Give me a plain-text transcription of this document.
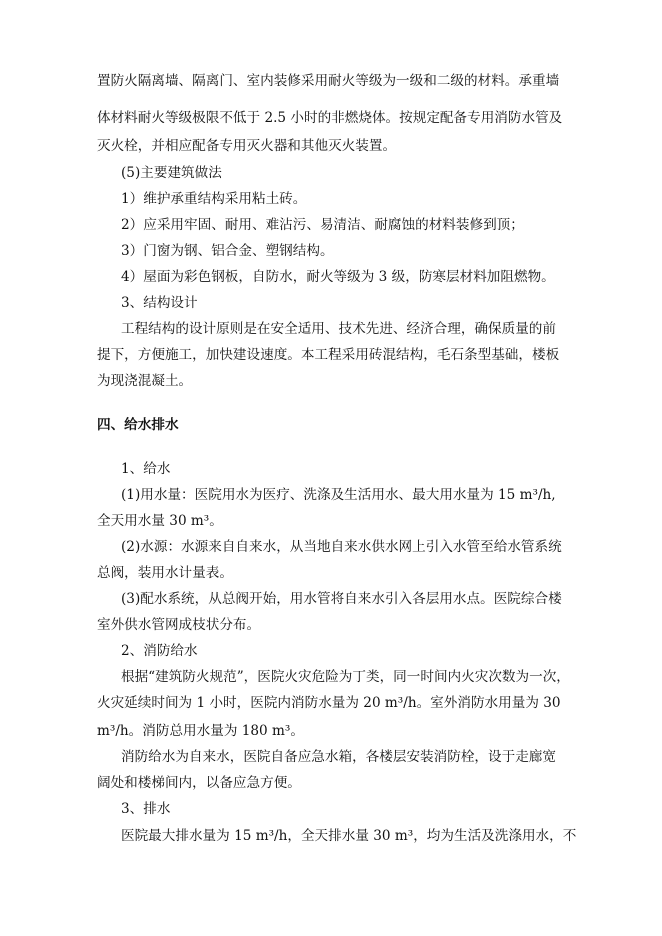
置防火隔离墙、隔离门、室内装修采用耐火等级为一级和二级的材料。承重墙
体材料耐火等级极限不低于 2.5 小时的非燃烧体。按规定配备专用消防水管及
灭火栓，并相应配备专用灭火器和其他灭火装置。
(5)主要建筑做法
1）维护承重结构采用粘土砖。
2）应采用牢固、耐用、难沾污、易清洁、耐腐蚀的材料装修到顶；
3）门窗为钢、铝合金、塑钢结构。
4）屋面为彩色钢板，自防水，耐火等级为 3 级，防寒层材料加阻燃物。
3、结构设计
工程结构的设计原则是在安全适用、技术先进、经济合理，确保质量的前
提下，方便施工，加快建设速度。本工程采用砖混结构，毛石条型基础，楼板
为现浇混凝土。
四、给水排水
1、给水
(1)用水量：医院用水为医疗、洗涤及生活用水、最大用水量为 15 m³/h,
全天用水量 30 m³。
(2)水源：水源来自自来水，从当地自来水供水网上引入水管至给水管系统
总阀，装用水计量表。
(3)配水系统，从总阀开始，用水管将自来水引入各层用水点。医院综合楼
室外供水管网成枝状分布。
2、消防给水
根据“建筑防火规范”，医院火灾危险为丁类，同一时间内火灾次数为一次，
火灾延续时间为 1 小时，医院内消防水量为 20 m³/h。室外消防水用量为 30
m³/h。消防总用水量为 180 m³。
消防给水为自来水，医院自备应急水箱，各楼层安装消防栓，设于走廊宽
阔处和楼梯间内，以备应急方便。
3、排水
医院最大排水量为 15 m³/h，全天排水量 30 m³，均为生活及洗涤用水，不
